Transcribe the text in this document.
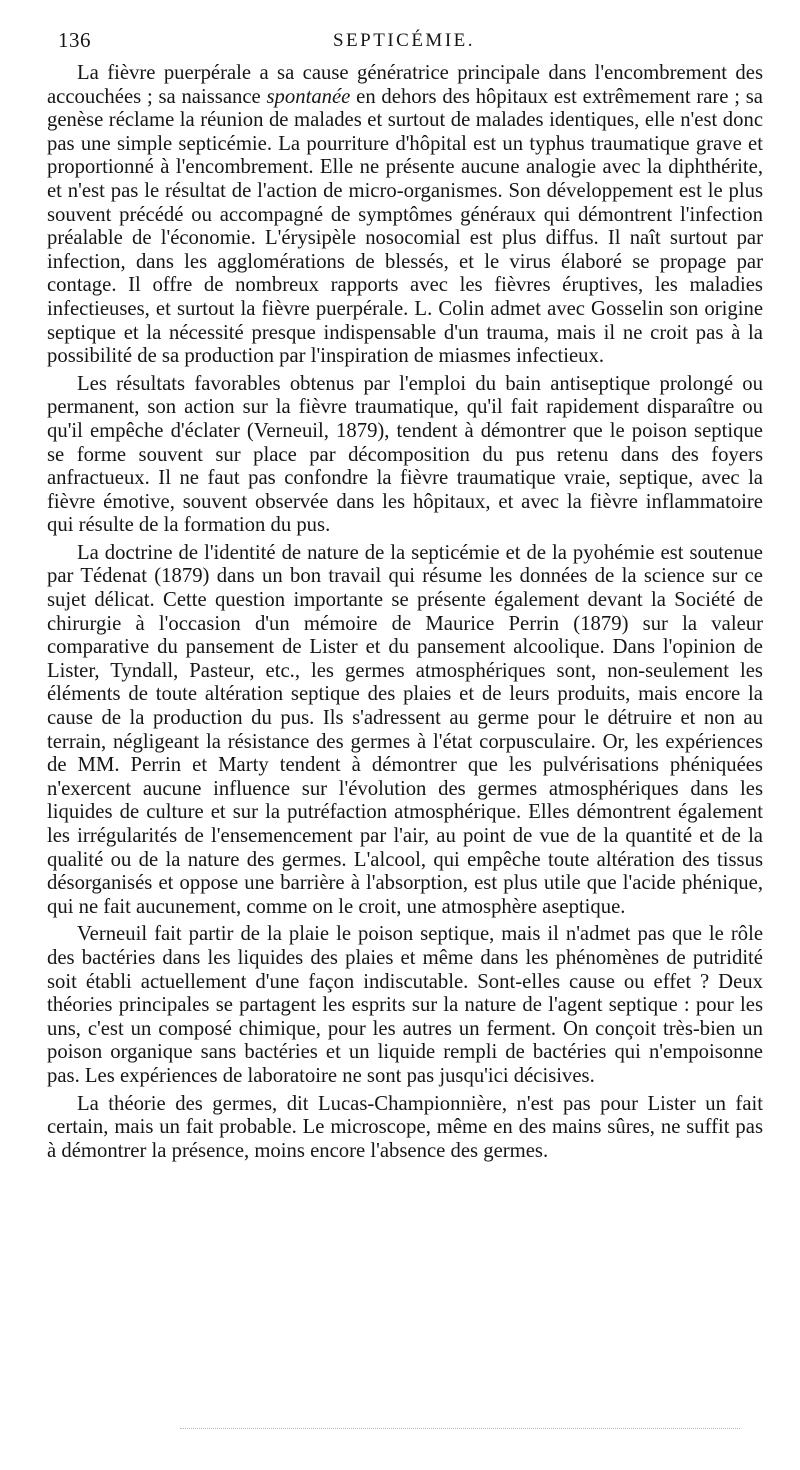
136	SEPTICÉMIE.

La fièvre puerpérale a sa cause génératrice principale dans l'encombrement des accouchées ; sa naissance spontanée en dehors des hôpitaux est extrêmement rare ; sa genèse réclame la réunion de malades et surtout de malades identiques, elle n'est donc pas une simple septicémie. La pourriture d'hôpital est un typhus traumatique grave et proportionné à l'encombrement. Elle ne présente aucune analogie avec la diphthérite, et n'est pas le résultat de l'action de micro-organismes. Son développement est le plus souvent précédé ou accompagné de symptômes généraux qui démontrent l'infection préalable de l'économie. L'érysipèle nosocomial est plus diffus. Il naît surtout par infection, dans les agglomérations de blessés, et le virus élaboré se propage par contage. Il offre de nombreux rapports avec les fièvres éruptives, les maladies infectieuses, et surtout la fièvre puerpérale. L. Colin admet avec Gosselin son origine septique et la nécessité presque indispensable d'un trauma, mais il ne croit pas à la possibilité de sa production par l'inspiration de miasmes infectieux.

Les résultats favorables obtenus par l'emploi du bain antiseptique prolongé ou permanent, son action sur la fièvre traumatique, qu'il fait rapidement disparaître ou qu'il empêche d'éclater (Verneuil, 1879), tendent à démontrer que le poison septique se forme souvent sur place par décomposition du pus retenu dans des foyers anfractueux. Il ne faut pas confondre la fièvre traumatique vraie, septique, avec la fièvre émotive, souvent observée dans les hôpitaux, et avec la fièvre inflammatoire qui résulte de la formation du pus.

La doctrine de l'identité de nature de la septicémie et de la pyohémie est soutenue par Tédenat (1879) dans un bon travail qui résume les données de la science sur ce sujet délicat. Cette question importante se présente également devant la Société de chirurgie à l'occasion d'un mémoire de Maurice Perrin (1879) sur la valeur comparative du pansement de Lister et du pansement alcoolique. Dans l'opinion de Lister, Tyndall, Pasteur, etc., les germes atmosphériques sont, non-seulement les éléments de toute altération septique des plaies et de leurs produits, mais encore la cause de la production du pus. Ils s'adressent au germe pour le détruire et non au terrain, négligeant la résistance des germes à l'état corpusculaire. Or, les expériences de MM. Perrin et Marty tendent à démontrer que les pulvérisations phéniquées n'exercent aucune influence sur l'évolution des germes atmosphériques dans les liquides de culture et sur la putréfaction atmosphérique. Elles démontrent également les irrégularités de l'ensemencement par l'air, au point de vue de la quantité et de la qualité ou de la nature des germes. L'alcool, qui empêche toute altération des tissus désorganisés et oppose une barrière à l'absorption, est plus utile que l'acide phénique, qui ne fait aucunement, comme on le croit, une atmosphère aseptique.

Verneuil fait partir de la plaie le poison septique, mais il n'admet pas que le rôle des bactéries dans les liquides des plaies et même dans les phénomènes de putridité soit établi actuellement d'une façon indiscutable. Sont-elles cause ou effet ? Deux théories principales se partagent les esprits sur la nature de l'agent septique : pour les uns, c'est un composé chimique, pour les autres un ferment. On conçoit très-bien un poison organique sans bactéries et un liquide rempli de bactéries qui n'empoisonne pas. Les expériences de laboratoire ne sont pas jusqu'ici décisives.

La théorie des germes, dit Lucas-Championnière, n'est pas pour Lister un fait certain, mais un fait probable. Le microscope, même en des mains sûres, ne suffit pas à démontrer la présence, moins encore l'absence des germes.
